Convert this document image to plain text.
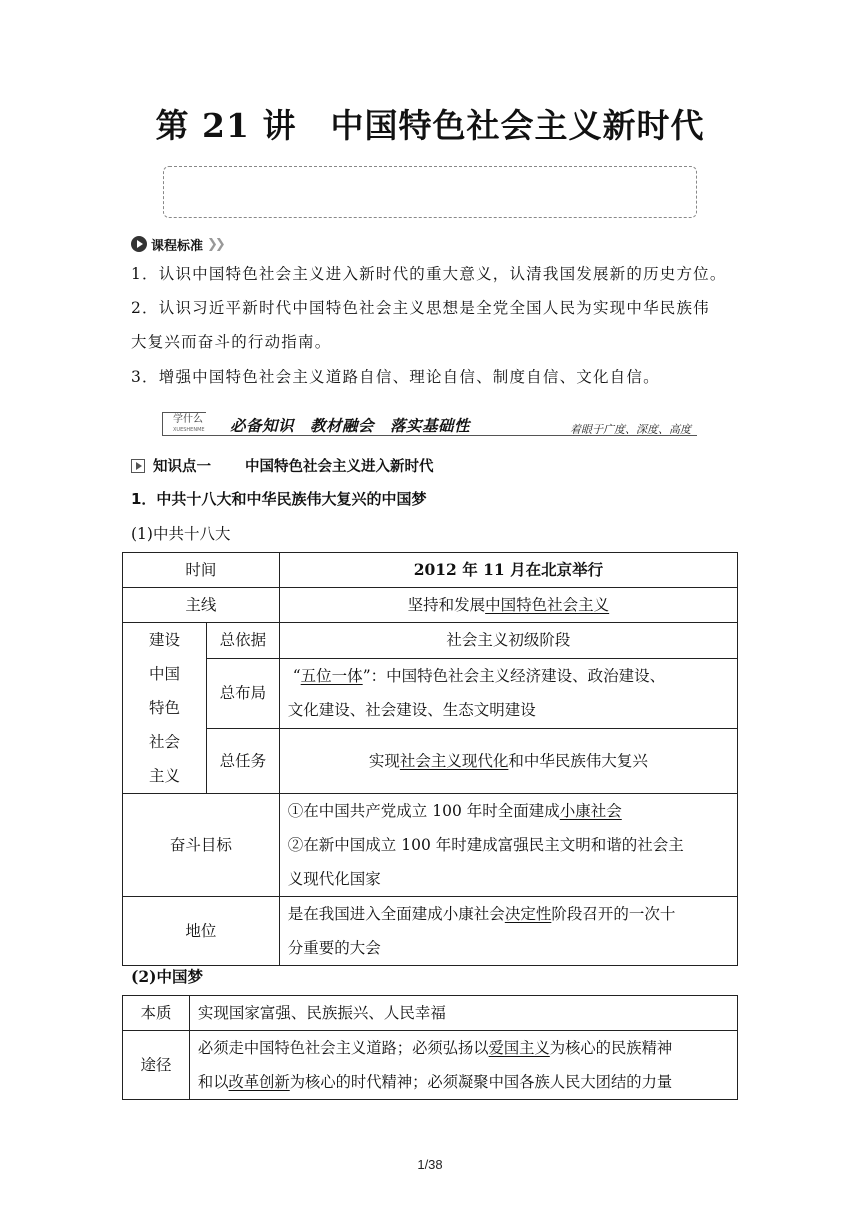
第 21 讲　中国特色社会主义新时代
课程标准 ❯❯
1．认识中国特色社会主义进入新时代的重大意义，认清我国发展新的历史方位。
2．认识习近平新时代中国特色社会主义思想是全党全国人民为实现中华民族伟
大复兴而奋斗的行动指南。
3．增强中国特色社会主义道路自信、理论自信、制度自信、文化自信。
学什么
XUESHENME 必备知识　教材融会　落实基础性	着眼于广度、深度、高度
知识点一 中国特色社会主义进入新时代
1．中共十八大和中华民族伟大复兴的中国梦
(1)中共十八大
时间		2012 年 11 月在北京举行
主线		坚持和发展中国特色社会主义

建设
中国
特色
社会
主义	总依据	社会主义初级阶段
	总布局	“五位一体”：中国特色社会主义经济建设、政治建设、
文化建设、社会建设、生态文明建设

	总任务	实现社会主义现代化和中华民族伟大复兴
奋斗目标		①在中国共产党成立 100 年时全面建成小康社会
②在新中国成立 100 年时建成富强民主文明和谐的社会主
义现代化国家

地位		是在我国进入全面建成小康社会决定性阶段召开的一次十
分重要的大会
(2)中国梦
本质	实现国家富强、民族振兴、人民幸福
途径	必须走中国特色社会主义道路；必须弘扬以爱国主义为核心的民族精神
和以改革创新为核心的时代精神；必须凝聚中国各族人民大团结的力量
1/38
